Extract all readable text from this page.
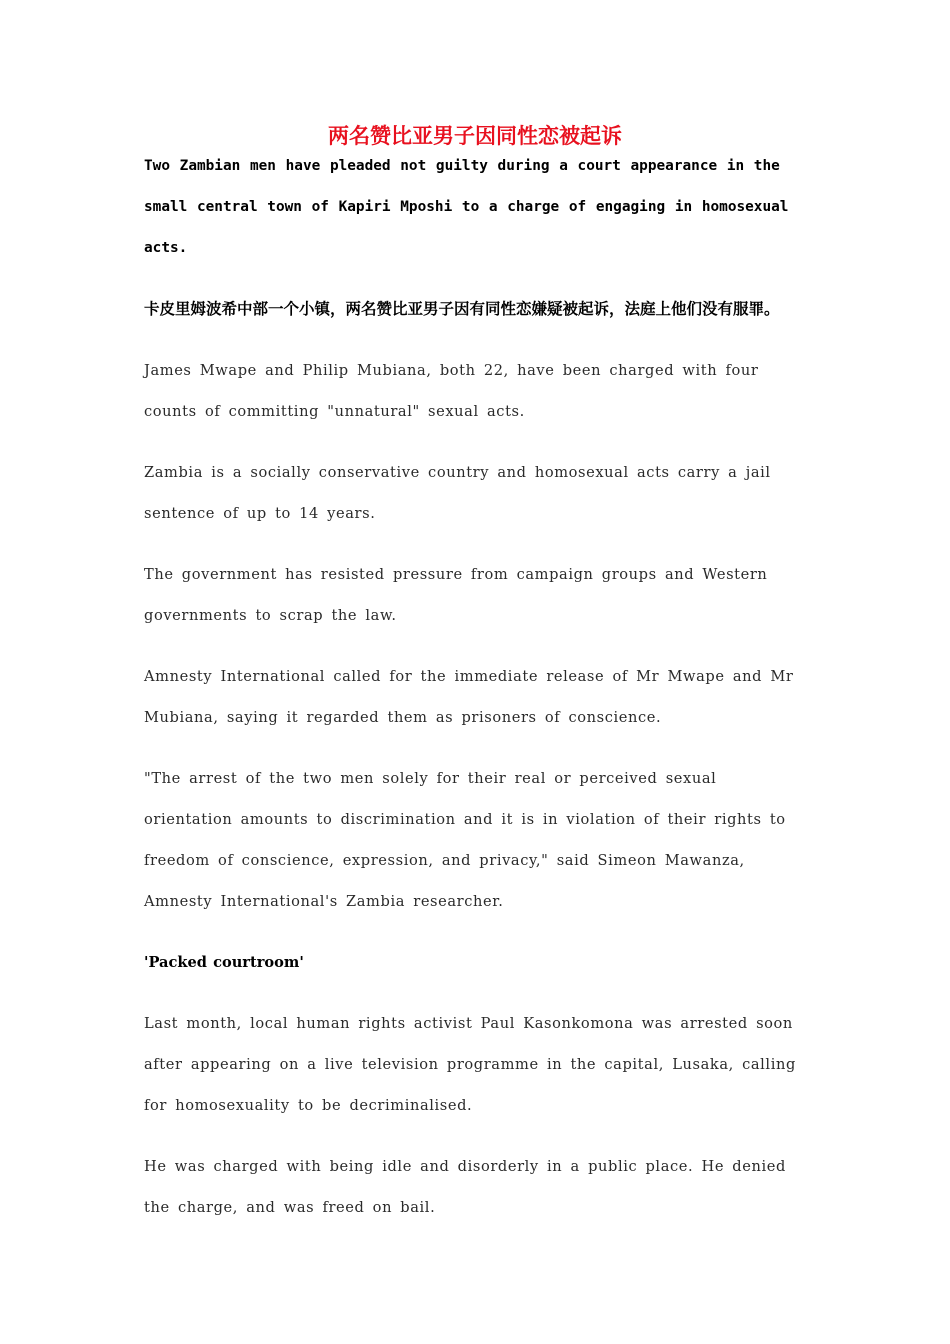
两名赞比亚男子因同性恋被起诉

Two Zambian men have pleaded not guilty during a court appearance in the small central town of Kapiri Mposhi to a charge of engaging in homosexual acts.

卡皮里姆波希中部一个小镇，两名赞比亚男子因有同性恋嫌疑被起诉，法庭上他们没有服罪。

James Mwape and Philip Mubiana, both 22, have been charged with four counts of committing "unnatural" sexual acts.

Zambia is a socially conservative country and homosexual acts carry a jail sentence of up to 14 years.

The government has resisted pressure from campaign groups and Western governments to scrap the law.

Amnesty International called for the immediate release of Mr Mwape and Mr Mubiana, saying it regarded them as prisoners of conscience.

"The arrest of the two men solely for their real or perceived sexual orientation amounts to discrimination and it is in violation of their rights to freedom of conscience, expression, and privacy," said Simeon Mawanza, Amnesty International's Zambia researcher.

'Packed courtroom'

Last month, local human rights activist Paul Kasonkomona was arrested soon after appearing on a live television programme in the capital, Lusaka, calling for homosexuality to be decriminalised.

He was charged with being idle and disorderly in a public place. He denied the charge, and was freed on bail.
